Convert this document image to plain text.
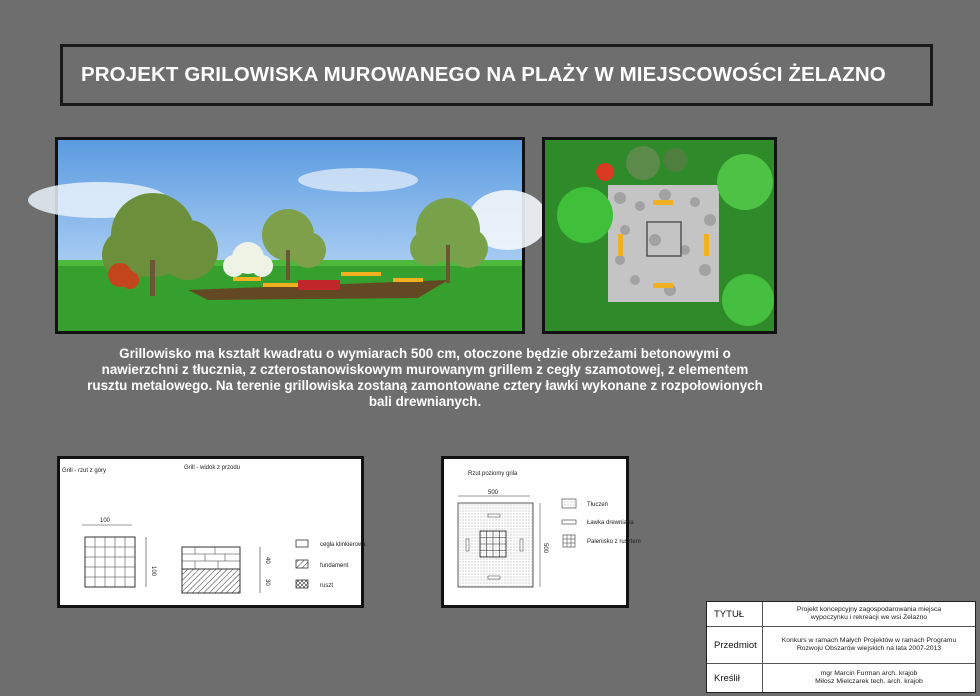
PROJEKT GRILOWISKA MUROWANEGO NA PLAŻY W MIEJSCOWOŚCI ŻELAZNO
Grillowisko ma kształt kwadratu o wymiarach 500 cm, otoczone będzie obrzeżami betonowymi o
nawierzchni z tłucznia, z czterostanowiskowym murowanym grillem z cegły szamotowej, z elementem
rusztu metalowego. Na terenie grillowiska zostaną zamontowane cztery ławki wykonane z rozpołowionych
bali drewnianych.
Grill - rzut z góry	Grill - widok z przodu
100
100
40
30
cegła klinkierowa
fundament
ruszt
Rzut poziomy grila
500
500
Tłuczeń
Ławka drewniana
Palenisko z rusztem
TYTUŁ	Projekt koncepcyjny zagospodarowania miejsca
wypoczynku i rekreacji we wsi Żelazno
Przedmiot	Konkurs w ramach Małych Projektów w ramach Programu
Rozwoju Obszarów wiejskich na lata 2007-2013
Kreślił	mgr Marcin Furman arch. krajob
Miłosz Mielczarek tech. arch. krajob
